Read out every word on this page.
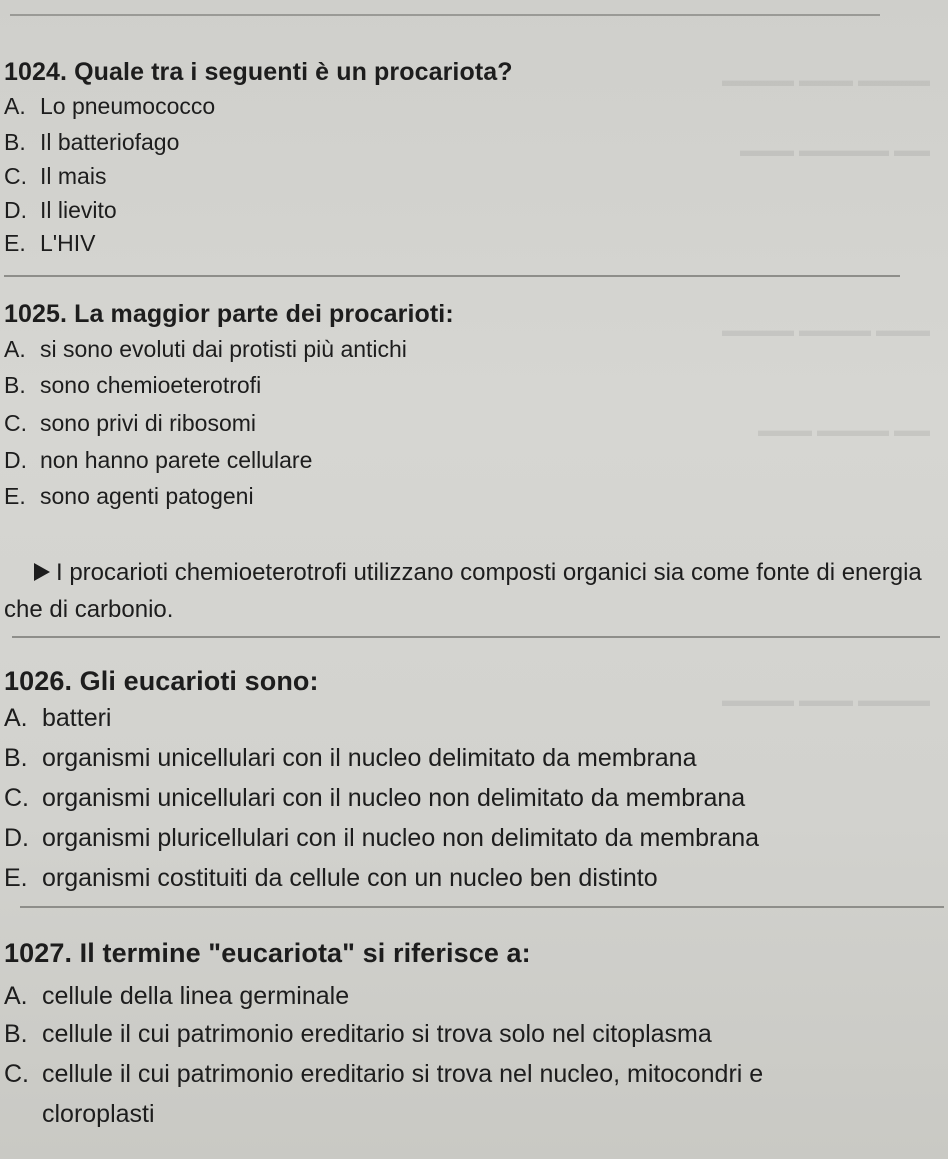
1024. Quale tra i seguenti è un procariota?
A. Lo pneumococco
B. Il batteriofago
C. Il mais
D. Il lievito
E. L'HIV
1025. La maggior parte dei procarioti:
A. si sono evoluti dai protisti più antichi
B. sono chemioeterotrofi
C. sono privi di ribosomi
D. non hanno parete cellulare
E. sono agenti patogeni
I procarioti chemioeterotrofi utilizzano composti organici sia come fonte di energia che di carbonio.
1026. Gli eucarioti sono:
A. batteri
B. organismi unicellulari con il nucleo delimitato da membrana
C. organismi unicellulari con il nucleo non delimitato da membrana
D. organismi pluricellulari con il nucleo non delimitato da membrana
E. organismi costituiti da cellule con un nucleo ben distinto
1027. Il termine "eucariota" si riferisce a:
A. cellule della linea germinale
B. cellule il cui patrimonio ereditario si trova solo nel citoplasma
C. cellule il cui patrimonio ereditario si trova nel nucleo, mitocondri e
cloroplasti
▬▬▬▬ ▬▬▬ ▬▬▬▬
▬▬▬ ▬▬▬▬▬ ▬▬
▬▬▬▬ ▬▬▬▬ ▬▬▬
▬▬▬ ▬▬▬▬ ▬▬
▬▬▬▬ ▬▬▬ ▬▬▬▬
